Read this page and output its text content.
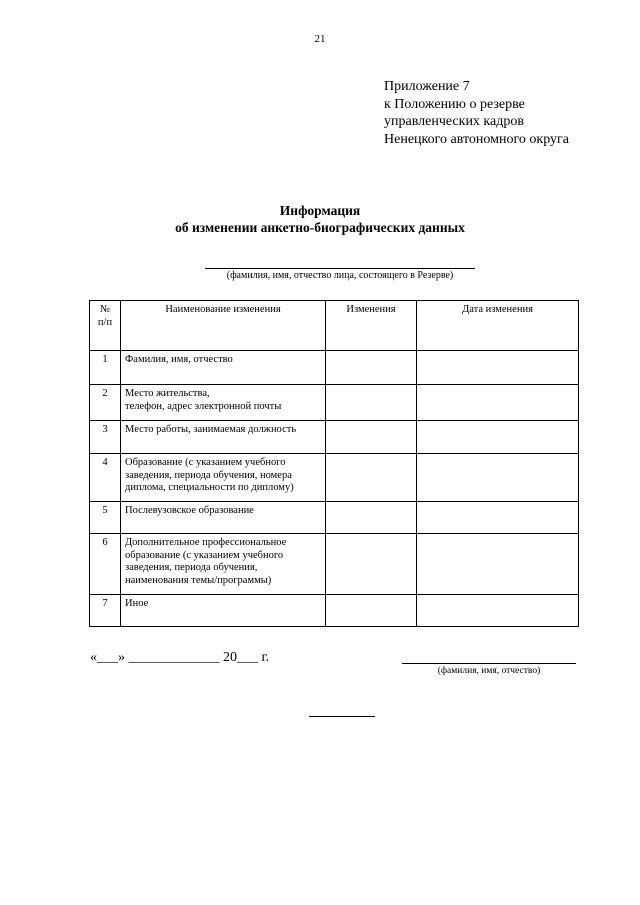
21
Приложение 7
к Положению о резерве
управленческих кадров
Ненецкого автономного округа
Информация
об изменении анкетно-биографических данных
(фамилия, имя, отчество лица, состоящего в Резерве)
№
п/п	Наименование изменения	Изменения	Дата изменения
1	Фамилия, имя, отчество		

2	Место жительства,
телефон, адрес электронной почты		

3	Место работы, занимаемая должность		

4	Образование (с указанием учебного
заведения, периода обучения, номера
диплома, специальности по диплому)		

5	Послевузовское образование		

6	Дополнительное профессиональное
образование (с указанием учебного
заведения, периода обучения,
наименования темы/программы)		

7	Иное		

«___» _____________ 20___ г.
(фамилия, имя, отчество)
